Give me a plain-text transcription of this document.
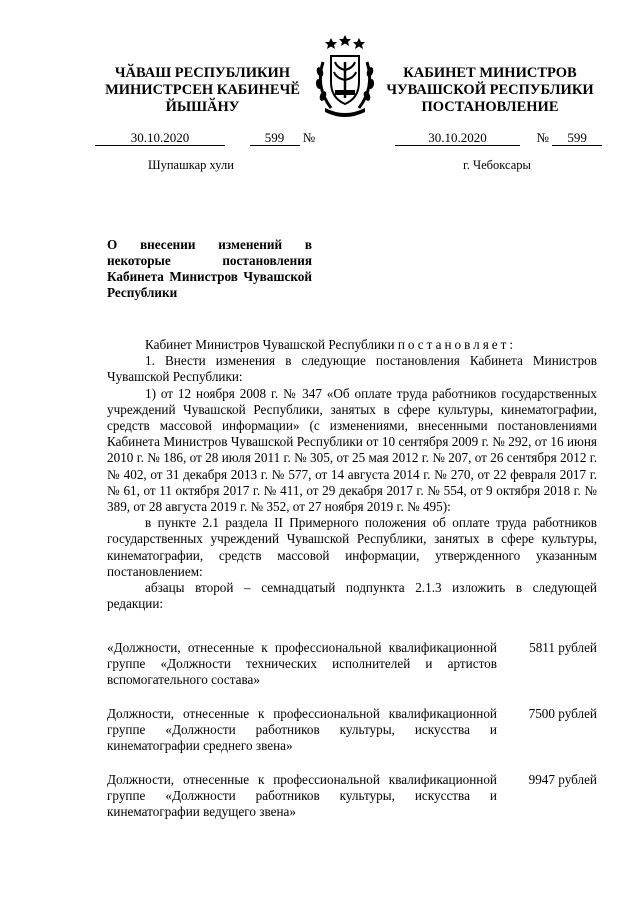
ЧӐВАШ РЕСПУБЛИКИН
МИНИСТРСЕН КАБИНЕЧӖ
ЙЫШӐНУ
КАБИНЕТ МИНИСТРОВ
ЧУВАШСКОЙ РЕСПУБЛИКИ
ПОСТАНОВЛЕНИЕ
30.10.2020	599 №
Шупашкар хули
30.10.2020	№ 599
г. Чебоксары
О внесении изменений в некоторые постановления Кабинета Министров Чувашской Республики

Кабинет Министров Чувашской Республики постановляет:

1. Внести изменения в следующие постановления Кабинета Министров Чувашской Республики:

1) от 12 ноября 2008 г. № 347 «Об оплате труда работников государственных учреждений Чувашской Республики, занятых в сфере культуры, кинематографии, средств массовой информации» (с изменениями, внесенными постановлениями Кабинета Министров Чувашской Республики от 10 сентября 2009 г. № 292, от 16 июня 2010 г. № 186, от 28 июля 2011 г. № 305, от 25 мая 2012 г. № 207, от 26 сентября 2012 г. № 402, от 31 декабря 2013 г. № 577, от 14 августа 2014 г. № 270, от 22 февраля 2017 г. № 61, от 11 октября 2017 г. № 411, от 29 декабря 2017 г. № 554, от 9 октября 2018 г. № 389, от 28 августа 2019 г. № 352, от 27 ноября 2019 г. № 495):

в пункте 2.1 раздела II Примерного положения об оплате труда работников государственных учреждений Чувашской Республики, занятых в сфере культуры, кинематографии, средств массовой информации, утвержденного указанным постановлением:

абзацы второй – семнадцатый подпункта 2.1.3 изложить в следующей редакции:

«Должности, отнесенные к профессиональной квалификационной группе «Должности технических исполнителей и артистов вспомогательного состава»
5811 рублей
Должности, отнесенные к профессиональной квалификационной группе «Должности работников культуры, искусства и кинематографии среднего звена»
7500 рублей
Должности, отнесенные к профессиональной квалификационной группе «Должности работников культуры, искусства и кинематографии ведущего звена»
9947 рублей
